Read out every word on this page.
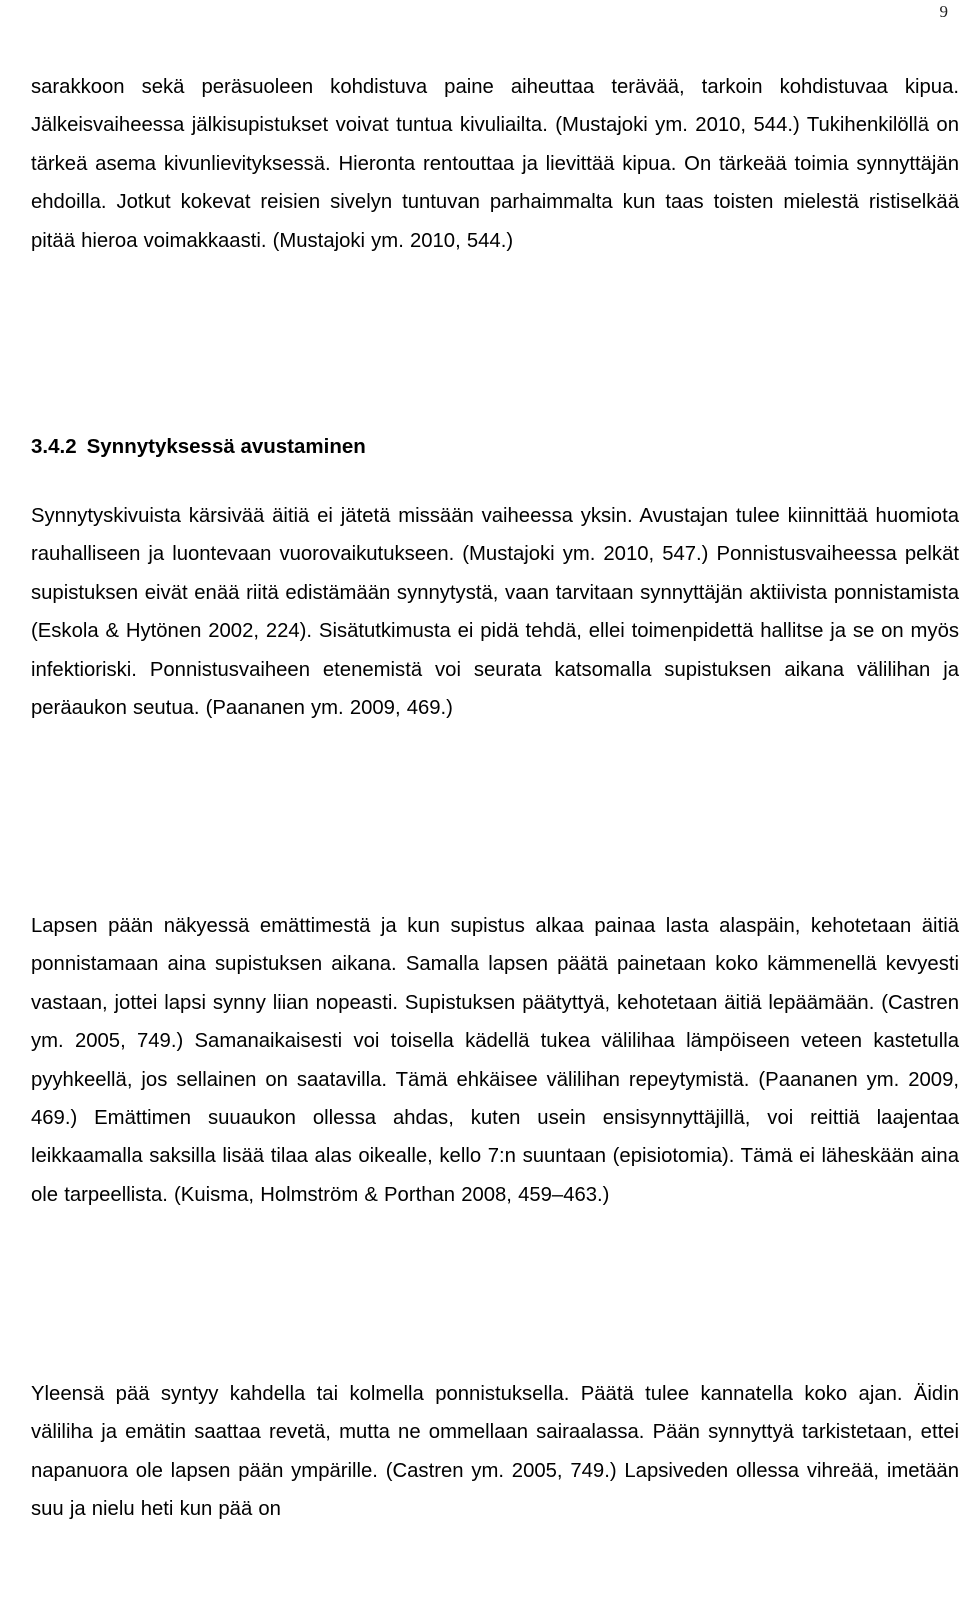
9

sarakkoon sekä peräsuoleen kohdistuva paine aiheuttaa terävää, tarkoin kohdistuvaa kipua. Jälkeisvaiheessa jälkisupistukset voivat tuntua kivuliailta. (Mustajoki ym. 2010, 544.) Tukihenkilöllä on tärkeä asema kivunlievityksessä. Hieronta rentouttaa ja lievittää kipua. On tärkeää toimia synnyttäjän ehdoilla. Jotkut kokevat reisien sivelyn tuntuvan parhaimmalta kun taas toisten mielestä ristiselkää pitää hieroa voimakkaasti. (Mustajoki ym. 2010, 544.)

3.4.2 Synnytyksessä avustaminen

Synnytyskivuista kärsivää äitiä ei jätetä missään vaiheessa yksin. Avustajan tulee kiinnittää huomiota rauhalliseen ja luontevaan vuorovaikutukseen. (Mustajoki ym. 2010, 547.) Ponnistusvaiheessa pelkät supistuksen eivät enää riitä edistämään synnytystä, vaan tarvitaan synnyttäjän aktiivista ponnistamista (Eskola & Hytönen 2002, 224). Sisätutkimusta ei pidä tehdä, ellei toimenpidettä hallitse ja se on myös infektioriski. Ponnistusvaiheen etenemistä voi seurata katsomalla supistuksen aikana välilihan ja peräaukon seutua. (Paananen ym. 2009, 469.)

Lapsen pään näkyessä emättimestä ja kun supistus alkaa painaa lasta alaspäin, kehotetaan äitiä ponnistamaan aina supistuksen aikana. Samalla lapsen päätä painetaan koko kämmenellä kevyesti vastaan, jottei lapsi synny liian nopeasti. Supistuksen päätyttyä, kehotetaan äitiä lepäämään. (Castren ym. 2005, 749.) Samanaikaisesti voi toisella kädellä tukea välilihaa lämpöiseen veteen kastetulla pyyhkeellä, jos sellainen on saatavilla. Tämä ehkäisee välilihan repeytymistä. (Paananen ym. 2009, 469.) Emättimen suuaukon ollessa ahdas, kuten usein ensisynnyttäjillä, voi reittiä laajentaa leikkaamalla saksilla lisää tilaa alas oikealle, kello 7:n suuntaan (episiotomia). Tämä ei läheskään aina ole tarpeellista. (Kuisma, Holmström & Porthan 2008, 459–463.)

Yleensä pää syntyy kahdella tai kolmella ponnistuksella. Päätä tulee kannatella koko ajan. Äidin väliliha ja emätin saattaa revetä, mutta ne ommellaan sairaalassa. Pään synnyttyä tarkistetaan, ettei napanuora ole lapsen pään ympärille. (Castren ym. 2005, 749.) Lapsiveden ollessa vihreää, imetään suu ja nielu heti kun pää on
